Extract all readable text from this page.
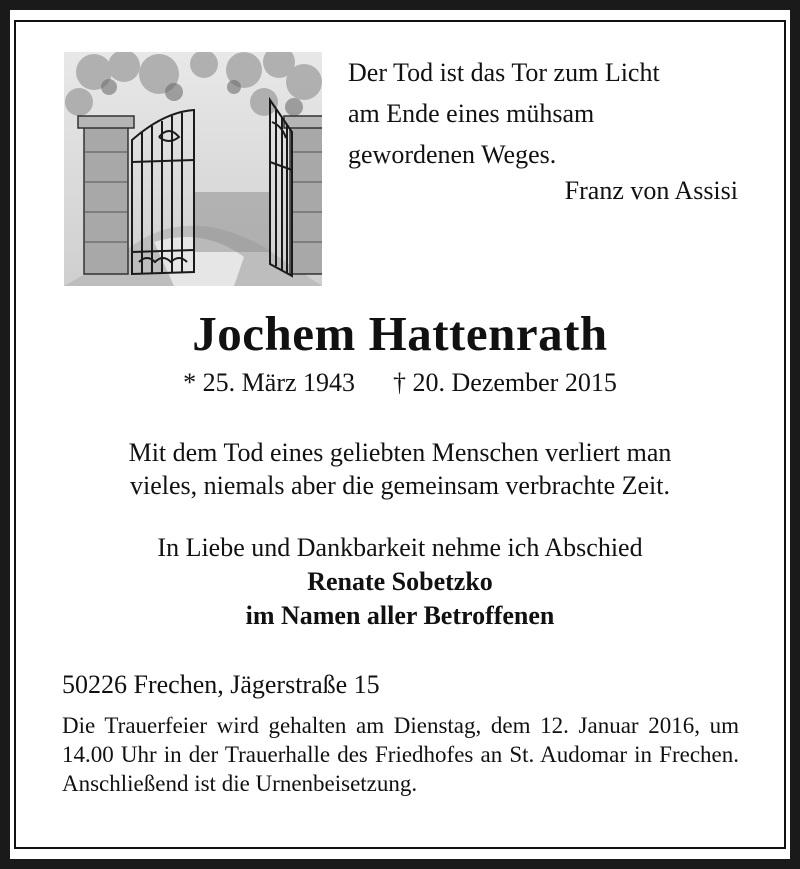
Der Tod ist das Tor zum Licht
am Ende eines mühsam
gewordenen Weges.
Franz von Assisi
Jochem Hattenrath
* 25. März 1943 † 20. Dezember 2015
Mit dem Tod eines geliebten Menschen verliert man
vieles, niemals aber die gemeinsam verbrachte Zeit.
In Liebe und Dankbarkeit nehme ich Abschied
Renate Sobetzko
im Namen aller Betroffenen
50226 Frechen, Jägerstraße 15
Die Trauerfeier wird gehalten am Dienstag, dem 12. Januar 2016, um 14.00 Uhr in der Trauerhalle des Friedhofes an St. Audomar in Frechen. Anschließend ist die Urnenbeisetzung.
